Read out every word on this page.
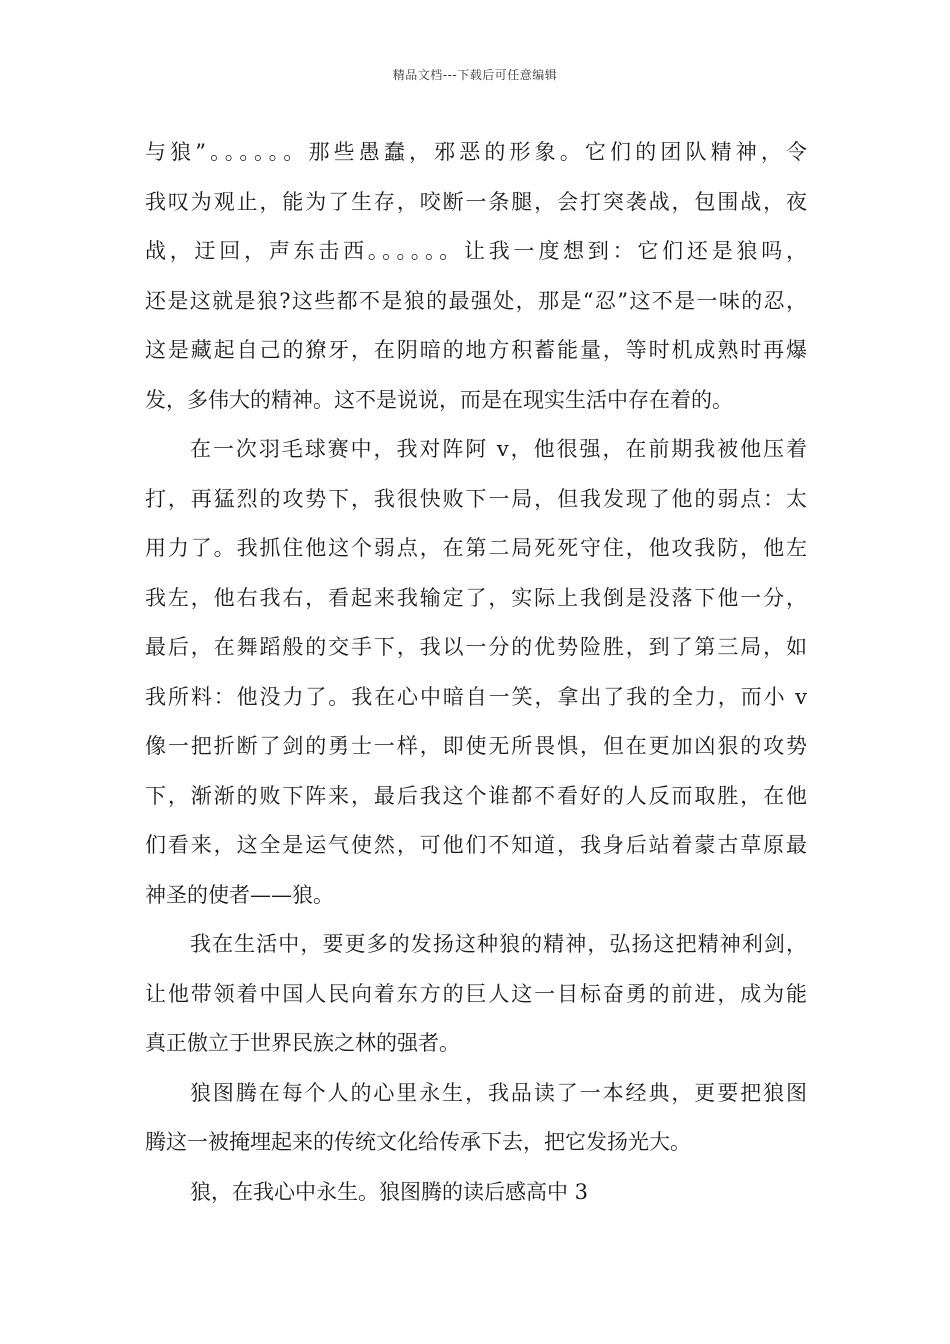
精品文档---下载后可任意编辑
与狼”。。。。。。那些愚蠢，邪恶的形象。它们的团队精神，令
我叹为观止，能为了生存，咬断一条腿，会打突袭战，包围战，夜
战，迂回，声东击西。。。。。。让我一度想到：它们还是狼吗，
还是这就是狼?这些都不是狼的最强处，那是“忍”这不是一味的忍，
这是藏起自己的獠牙，在阴暗的地方积蓄能量，等时机成熟时再爆
发，多伟大的精神。这不是说说，而是在现实生活中存在着的。
在一次羽毛球赛中，我对阵阿 v，他很强，在前期我被他压着
打，再猛烈的攻势下，我很快败下一局，但我发现了他的弱点：太
用力了。我抓住他这个弱点，在第二局死死守住，他攻我防，他左
我左，他右我右，看起来我输定了，实际上我倒是没落下他一分，
最后，在舞蹈般的交手下，我以一分的优势险胜，到了第三局，如
我所料：他没力了。我在心中暗自一笑，拿出了我的全力，而小 v
像一把折断了剑的勇士一样，即使无所畏惧，但在更加凶狠的攻势
下，渐渐的败下阵来，最后我这个谁都不看好的人反而取胜，在他
们看来，这全是运气使然，可他们不知道，我身后站着蒙古草原最
神圣的使者——狼。
我在生活中，要更多的发扬这种狼的精神，弘扬这把精神利剑，
让他带领着中国人民向着东方的巨人这一目标奋勇的前进，成为能
真正傲立于世界民族之林的强者。
狼图腾在每个人的心里永生，我品读了一本经典，更要把狼图
腾这一被掩埋起来的传统文化给传承下去，把它发扬光大。
狼，在我心中永生。狼图腾的读后感高中 3
